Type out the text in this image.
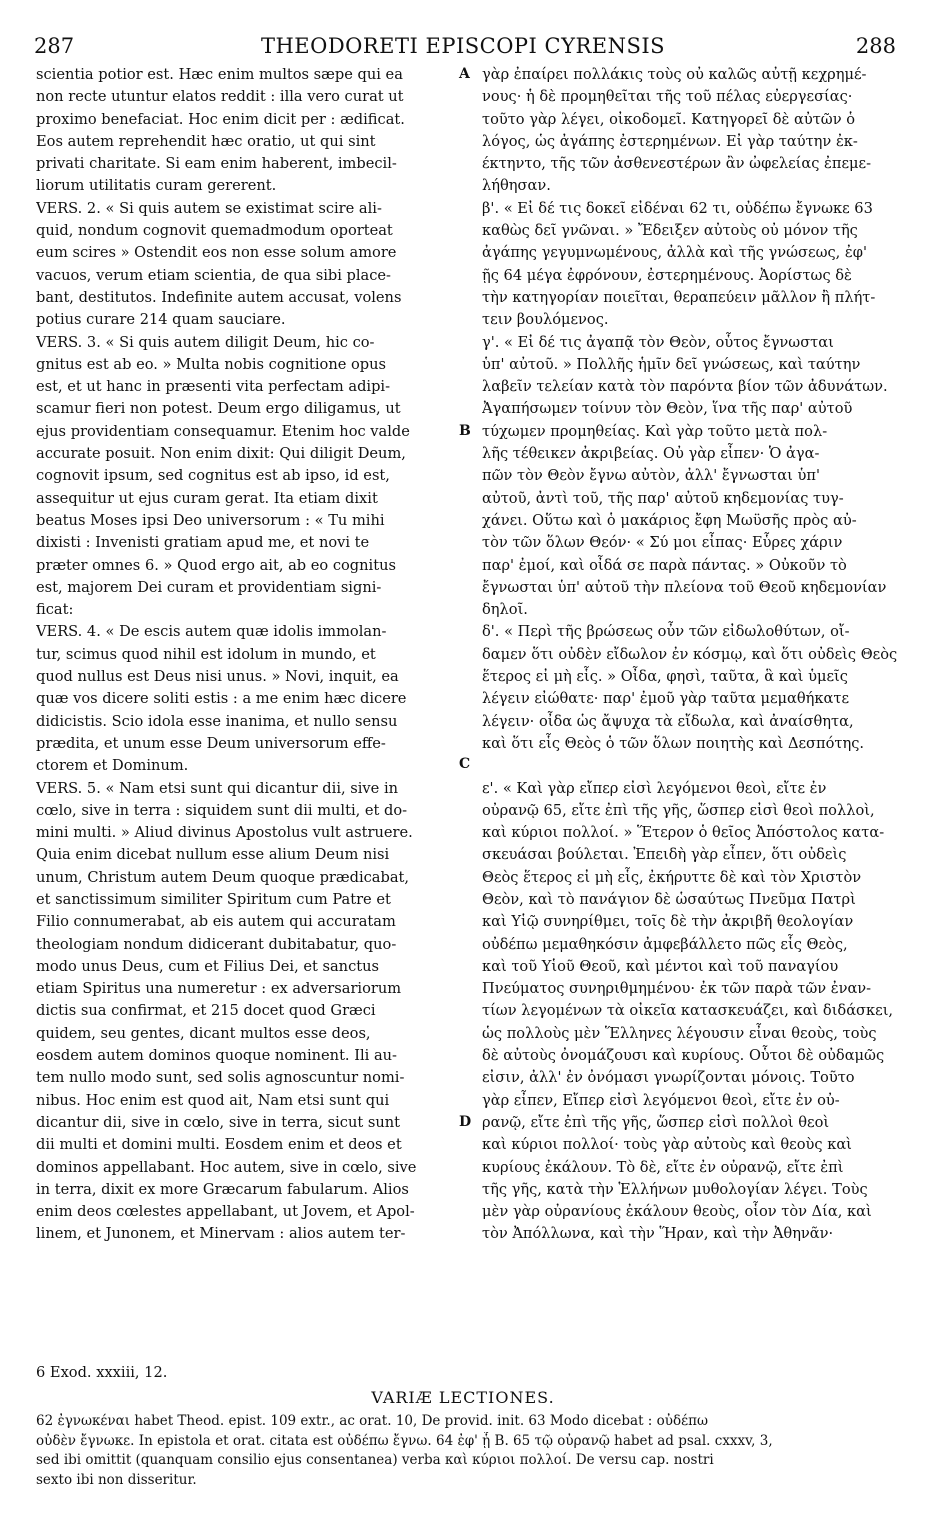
287	THEODORETI EPISCOPI CYRENSIS	288

scientia potior est. Hæc enim multos sæpe qui ea

non recte utuntur elatos reddit : illa vero curat ut

proximo benefaciat. Hoc enim dicit per : ædificat.

Eos autem reprehendit hæc oratio, ut qui sint

privati charitate. Si eam enim haberent, imbecil-

liorum utilitatis curam gererent.

VERS. 2. « Si quis autem se existimat scire ali-

quid, nondum cognovit quemadmodum oporteat

eum scires » Ostendit eos non esse solum amore

vacuos, verum etiam scientia, de qua sibi place-

bant, destitutos. Indefinite autem accusat, volens

potius curare 214 quam sauciare.

VERS. 3. « Si quis autem diligit Deum, hic co-

gnitus est ab eo. » Multa nobis cognitione opus

est, et ut hanc in præsenti vita perfectam adipi-

scamur fieri non potest. Deum ergo diligamus, ut

ejus providentiam consequamur. Etenim hoc valde

accurate posuit. Non enim dixit: Qui diligit Deum,

cognovit ipsum, sed cognitus est ab ipso, id est,

assequitur ut ejus curam gerat. Ita etiam dixit

beatus Moses ipsi Deo universorum : « Tu mihi

dixisti : Invenisti gratiam apud me, et novi te

præter omnes 6. » Quod ergo ait, ab eo cognitus

est, majorem Dei curam et providentiam signi-

ficat:

VERS. 4. « De escis autem quæ idolis immolan-

tur, scimus quod nihil est idolum in mundo, et

quod nullus est Deus nisi unus. » Novi, inquit, ea

quæ vos dicere soliti estis : a me enim hæc dicere

didicistis. Scio idola esse inanima, et nullo sensu

prædita, et unum esse Deum universorum effe-

ctorem et Dominum.

VERS. 5. « Nam etsi sunt qui dicantur dii, sive in

cœlo, sive in terra : siquidem sunt dii multi, et do-

mini multi. » Aliud divinus Apostolus vult astruere.

Quia enim dicebat nullum esse alium Deum nisi

unum, Christum autem Deum quoque prædicabat,

et sanctissimum similiter Spiritum cum Patre et

Filio connumerabat, ab eis autem qui accuratam

theologiam nondum didicerant dubitabatur, quo-

modo unus Deus, cum et Filius Dei, et sanctus

etiam Spiritus una numeretur : ex adversariorum

dictis sua confirmat, et 215 docet quod Græci

quidem, seu gentes, dicant multos esse deos,

eosdem autem dominos quoque nominent. Ili au-

tem nullo modo sunt, sed solis agnoscuntur nomi-

nibus. Hoc enim est quod ait, Nam etsi sunt qui

dicantur dii, sive in cœlo, sive in terra, sicut sunt

dii multi et domini multi. Eosdem enim et deos et

dominos appellabant. Hoc autem, sive in cœlo, sive

in terra, dixit ex more Græcarum fabularum. Alios

enim deos cœlestes appellabant, ut Jovem, et Apol-

linem, et Junonem, et Minervam : alios autem ter-

γὰρ ἐπαίρει πολλάκις τοὺς οὐ καλῶς αὐτῇ κεχρημέ-

νους· ἡ δὲ προμηθεῖται τῆς τοῦ πέλας εὐεργεσίας·

τοῦτο γὰρ λέγει, οἰκοδομεῖ. Κατηγορεῖ δὲ αὐτῶν ὁ

λόγος, ὡς ἀγάπης ἐστερημένων. Εἰ γὰρ ταύτην ἐκ-

έκτηντο, τῆς τῶν ἀσθενεστέρων ἂν ὠφελείας ἐπεμε-

λήθησαν.

β'. « Εἰ δέ τις δοκεῖ εἰδέναι 62 τι, οὐδέπω ἔγνωκε 63

καθὼς δεῖ γνῶναι. » Ἔδειξεν αὐτοὺς οὐ μόνον τῆς

ἀγάπης γεγυμνωμένους, ἀλλὰ καὶ τῆς γνώσεως, ἐφ'

ῇς 64 μέγα ἐφρόνουν, ἐστερημένους. Ἀορίστως δὲ

τὴν κατηγορίαν ποιεῖται, θεραπεύειν μᾶλλον ἢ πλήτ-

τειν βουλόμενος.

γ'. « Εἰ δέ τις ἀγαπᾷ τὸν Θεὸν, οὗτος ἔγνωσται

ὑπ' αὐτοῦ. » Πολλῆς ἡμῖν δεῖ γνώσεως, καὶ ταύτην

λαβεῖν τελείαν κατὰ τὸν παρόντα βίον τῶν ἀδυνάτων.

Ἀγαπήσωμεν τοίνυν τὸν Θεὸν, ἵνα τῆς παρ' αὐτοῦ

τύχωμεν προμηθείας. Καὶ γὰρ τοῦτο μετὰ πολ-

λῆς τέθεικεν ἀκριβείας. Οὐ γὰρ εἶπεν· Ὁ ἀγα-

πῶν τὸν Θεὸν ἔγνω αὐτὸν, ἀλλ' ἔγνωσται ὑπ'

αὐτοῦ, ἀντὶ τοῦ, τῆς παρ' αὐτοῦ κηδεμονίας τυγ-

χάνει. Οὕτω καὶ ὁ μακάριος ἔφη Μωϋσῆς πρὸς αὐ-

τὸν τῶν ὅλων Θεόν· « Σύ μοι εἶπας· Εὗρες χάριν

παρ' ἐμοί, καὶ οἶδά σε παρὰ πάντας. » Οὐκοῦν τὸ

ἔγνωσται ὑπ' αὐτοῦ τὴν πλείονα τοῦ Θεοῦ κηδεμονίαν

δηλοῖ.

δ'. « Περὶ τῆς βρώσεως οὖν τῶν εἰδωλοθύτων, οἴ-

δαμεν ὅτι οὐδὲν εἴδωλον ἐν κόσμῳ, καὶ ὅτι οὐδεὶς Θεὸς

ἕτερος εἰ μὴ εἷς. » Οἶδα, φησὶ, ταῦτα, ἃ καὶ ὑμεῖς

λέγειν εἰώθατε· παρ' ἐμοῦ γὰρ ταῦτα μεμαθήκατε

λέγειν· οἶδα ὡς ἄψυχα τὰ εἴδωλα, καὶ ἀναίσθητα,

καὶ ὅτι εἷς Θεὸς ὁ τῶν ὅλων ποιητὴς καὶ Δεσπότης.

ε'. « Καὶ γὰρ εἴπερ εἰσὶ λεγόμενοι θεοὶ, εἴτε ἐν

οὐρανῷ 65, εἴτε ἐπὶ τῆς γῆς, ὥσπερ εἰσὶ θεοὶ πολλοὶ,

καὶ κύριοι πολλοί. » Ἕτερον ὁ θεῖος Ἀπόστολος κατα-

σκευάσαι βούλεται. Ἐπειδὴ γὰρ εἶπεν, ὅτι οὐδεὶς

Θεὸς ἕτερος εἰ μὴ εἷς, ἐκήρυττε δὲ καὶ τὸν Χριστὸν

Θεὸν, καὶ τὸ πανάγιον δὲ ὡσαύτως Πνεῦμα Πατρὶ

καὶ Υἱῷ συνηρίθμει, τοῖς δὲ τὴν ἀκριβῆ θεολογίαν

οὐδέπω μεμαθηκόσιν ἀμφεβάλλετο πῶς εἷς Θεὸς,

καὶ τοῦ Υἱοῦ Θεοῦ, καὶ μέντοι καὶ τοῦ παναγίου

Πνεύματος συνηριθμημένου· ἐκ τῶν παρὰ τῶν ἐναν-

τίων λεγομένων τὰ οἰκεῖα κατασκευάζει, καὶ διδάσκει,

ὡς πολλοὺς μὲν Ἕλληνες λέγουσιν εἶναι θεοὺς, τοὺς

δὲ αὐτοὺς ὀνομάζουσι καὶ κυρίους. Οὗτοι δὲ οὐδαμῶς

εἰσιν, ἀλλ' ἐν ὀνόμασι γνωρίζονται μόνοις. Τοῦτο

γὰρ εἶπεν, Εἴπερ εἰσὶ λεγόμενοι θεοὶ, εἴτε ἐν οὐ-

ρανῷ, εἴτε ἐπὶ τῆς γῆς, ὥσπερ εἰσὶ πολλοὶ θεοὶ

καὶ κύριοι πολλοί· τοὺς γὰρ αὐτοὺς καὶ θεοὺς καὶ

κυρίους ἐκάλουν. Τὸ δὲ, εἴτε ἐν οὐρανῷ, εἴτε ἐπὶ

τῆς γῆς, κατὰ τὴν Ἑλλήνων μυθολογίαν λέγει. Τοὺς

μὲν γὰρ οὐρανίους ἐκάλουν θεοὺς, οἷον τὸν Δία, καὶ

τὸν Ἀπόλλωνα, καὶ τὴν Ἥραν, καὶ τὴν Ἀθηνᾶν·

A
B
C
D
6 Exod. xxxiii, 12.
VARIÆ LECTIONES.

62 ἐγνωκέναι habet Theod. epist. 109 extr., ac orat. 10, De provid. init. 63 Modo dicebat : οὐδέπω

οὐδὲν ἔγνωκε. In epistola et orat. citata est οὐδέπω ἔγνω. 64 ἐφ' ᾗ B. 65 τῷ οὐρανῷ habet ad psal. cxxxv, 3,

sed ibi omittit (quanquam consilio ejus consentanea) verba καὶ κύριοι πολλοί. De versu cap. nostri

sexto ibi non disseritur.
